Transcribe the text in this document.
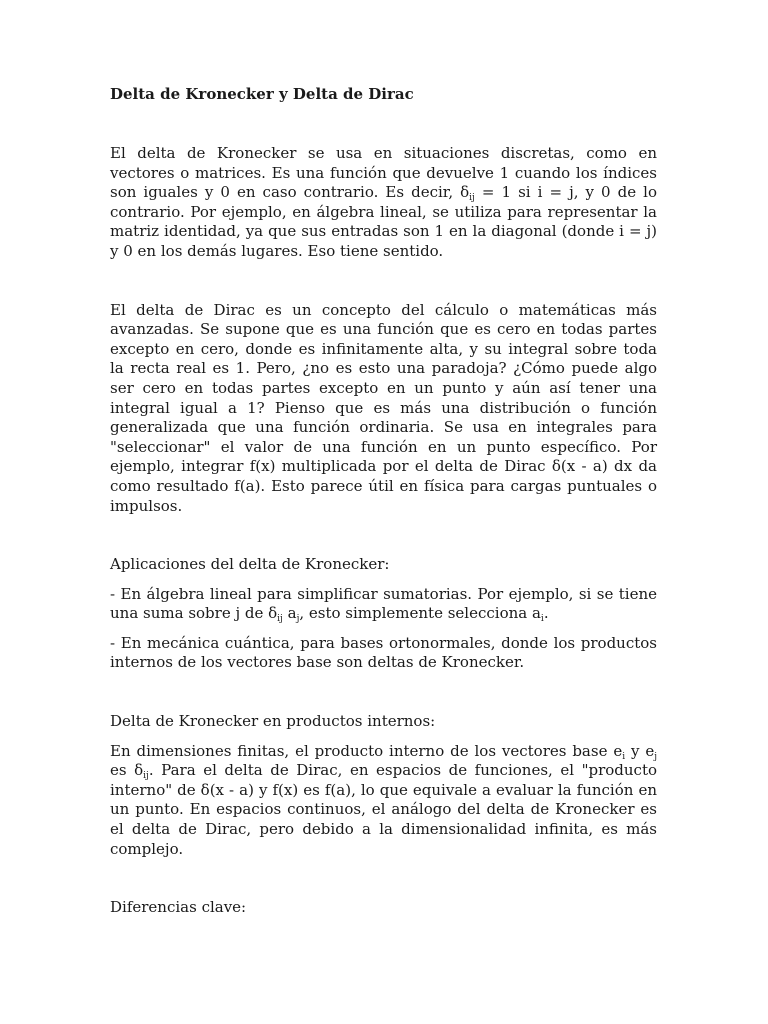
Delta de Kronecker y Delta de Dirac

El delta de Kronecker se usa en situaciones discretas, como en vectores o matrices. Es una función que devuelve 1 cuando los índices son iguales y 0 en caso contrario. Es decir, $\delta_{ij} = 1$ si i = j, y 0 de lo contrario. Por ejemplo, en álgebra lineal, se utiliza para representar la matriz identidad, ya que sus entradas son 1 en la diagonal (donde i = j) y 0 en los demás lugares. Eso tiene sentido.

El delta de Dirac es un concepto del cálculo o matemáticas más avanzadas. Se supone que es una función que es cero en todas partes excepto en cero, donde es infinitamente alta, y su integral sobre toda la recta real es 1. Pero, ¿no es esto una paradoja? ¿Cómo puede algo ser cero en todas partes excepto en un punto y aún así tener una integral igual a 1? Pienso que es más una distribución o función generalizada que una función ordinaria. Se usa en integrales para "seleccionar" el valor de una función en un punto específico. Por ejemplo, integrar f(x) multiplicada por el delta de Dirac δ(x - a) dx da como resultado f(a). Esto parece útil en física para cargas puntuales o impulsos.

Aplicaciones del delta de Kronecker:

- En álgebra lineal para simplificar sumatorias. Por ejemplo, si se tiene una suma sobre j de $\delta_{ij}$ $a_j$, esto simplemente selecciona $a_i$.

- En mecánica cuántica, para bases ortonormales, donde los productos internos de los vectores base son deltas de Kronecker.

Delta de Kronecker en productos internos:

En dimensiones finitas, el producto interno de los vectores base $e_i$ y $e_j$ es $\delta_{ij}$. Para el delta de Dirac, en espacios de funciones, el "producto interno" de δ(x - a) y f(x) es f(a), lo que equivale a evaluar la función en un punto. En espacios continuos, el análogo del delta de Kronecker es el delta de Dirac, pero debido a la dimensionalidad infinita, es más complejo.

Diferencias clave:
